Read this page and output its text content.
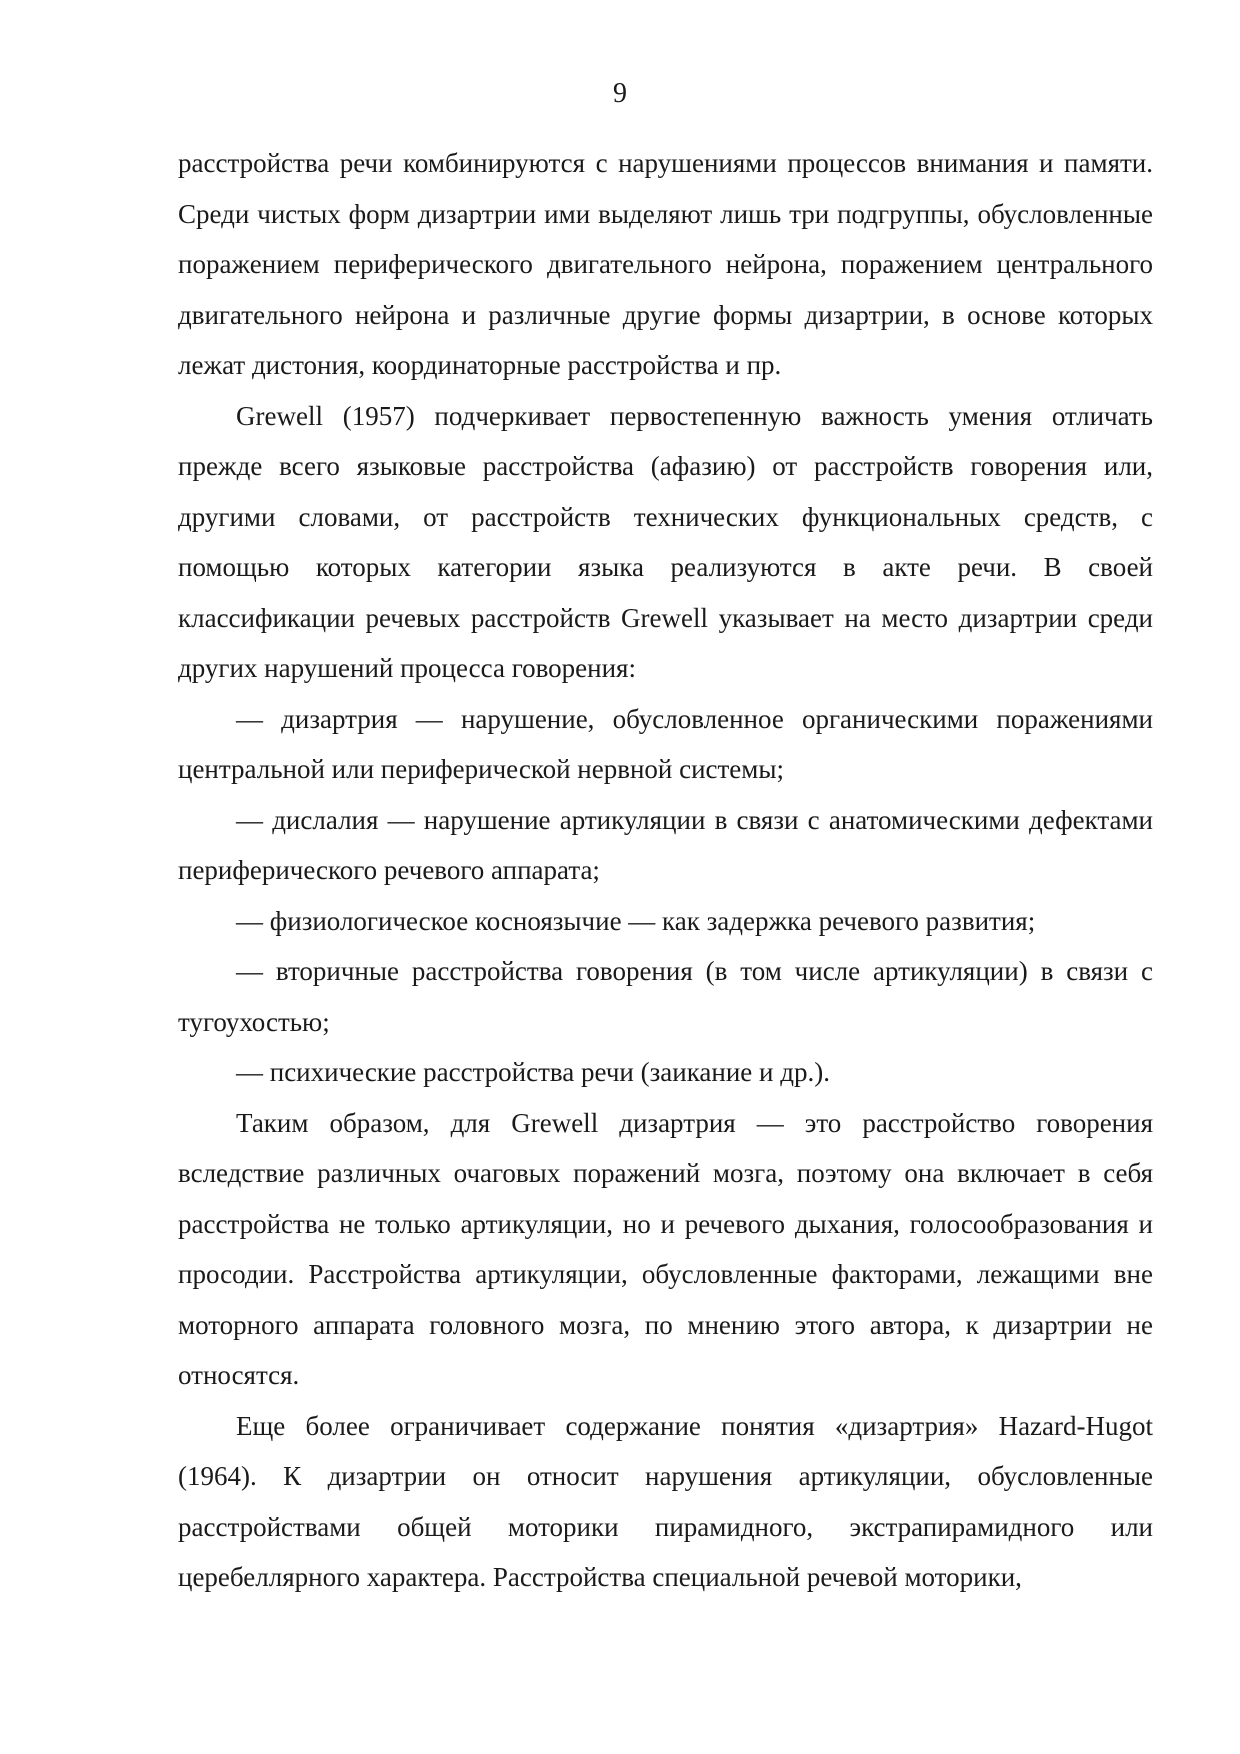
9

расстройства речи комбинируются с нарушениями процессов внимания и памяти. Среди чистых форм дизартрии ими выделяют лишь три подгруппы, обусловленные поражением периферического двигательного нейрона, поражением центрального двигательного нейрона и различные другие формы дизартрии, в основе которых лежат дистония, координаторные расстройства и пр.

Grewell (1957) подчеркивает первостепенную важность умения отличать прежде всего языковые расстройства (афазию) от расстройств говорения или, другими словами, от расстройств технических функциональных средств, с помощью которых категории языка реализуются в акте речи. В своей классификации речевых расстройств Grewell указывает на место дизартрии среди других нарушений процесса говорения:

— дизартрия — нарушение, обусловленное органическими поражениями центральной или периферической нервной системы;

— дислалия — нарушение артикуляции в связи с анатомическими дефектами периферического речевого аппарата;

— физиологическое косноязычие — как задержка речевого развития;

— вторичные расстройства говорения (в том числе артикуляции) в связи с тугоухостью;

— психические расстройства речи (заикание и др.).

Таким образом, для Grewell дизартрия — это расстройство говорения вследствие различных очаговых поражений мозга, поэтому она включает в себя расстройства не только артикуляции, но и речевого дыхания, голосообразования и просодии. Расстройства артикуляции, обусловленные факторами, лежащими вне моторного аппарата головного мозга, по мнению этого автора, к дизартрии не относятся.

Еще более ограничивает содержание понятия «дизартрия» Hazard-Hugot (1964). К дизартрии он относит нарушения артикуляции, обусловленные расстройствами общей моторики пирамидного, экстрапирамидного или церебеллярного характера. Расстройства специальной речевой моторики,
